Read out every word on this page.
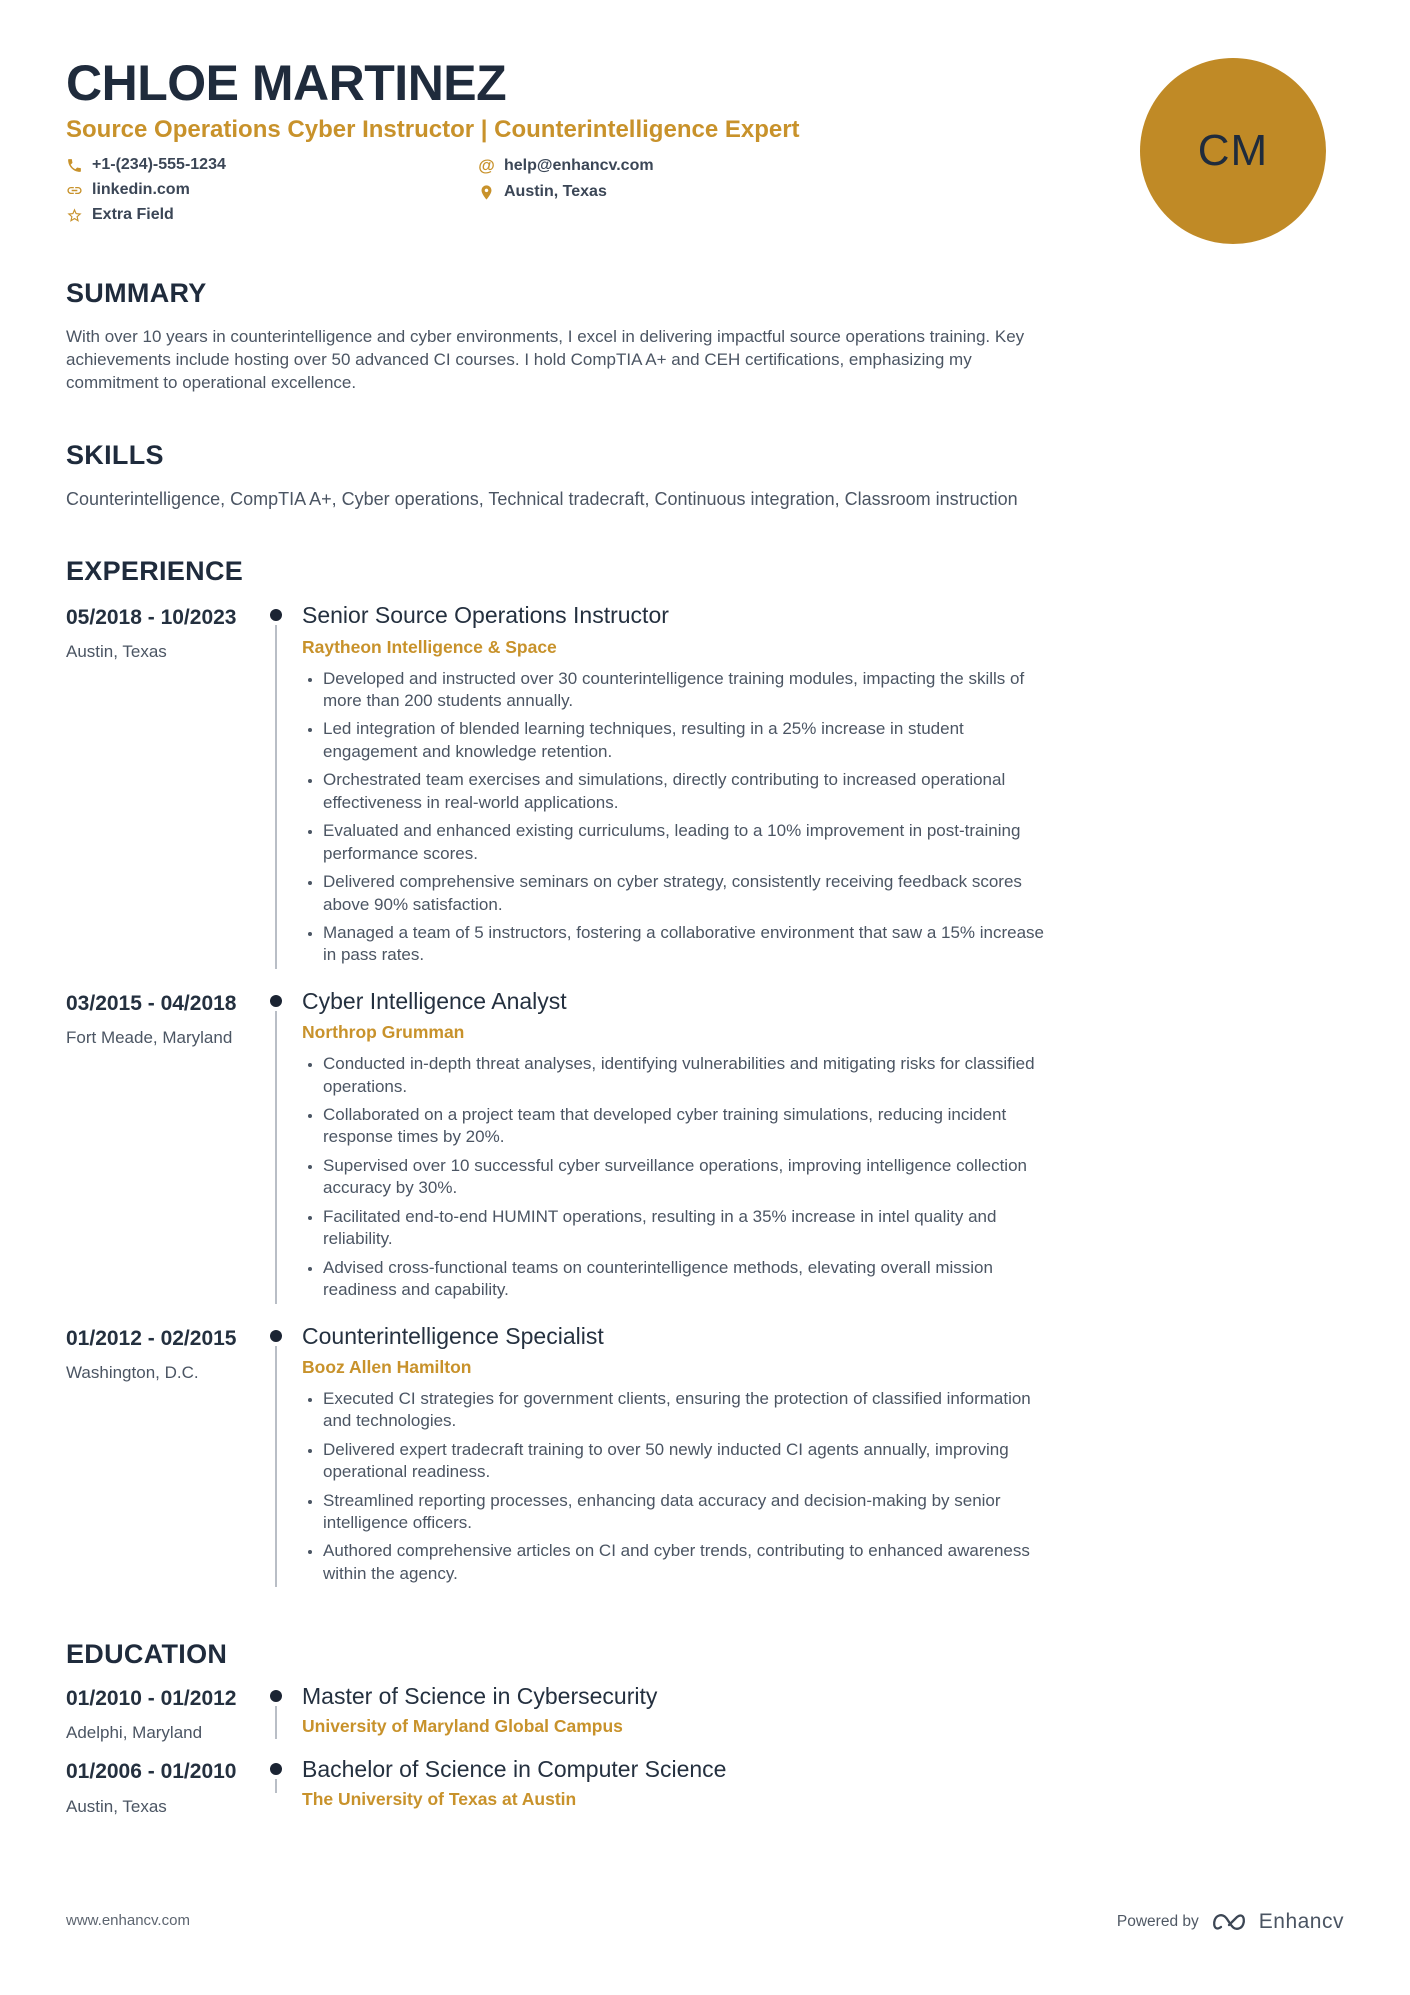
CHLOE MARTINEZ
Source Operations Cyber Instructor | Counterintelligence Expert
+1-(234)-555-1234
linkedin.com
Extra Field
@ help@enhancv.com
Austin, Texas
CM
SUMMARY

With over 10 years in counterintelligence and cyber environments, I excel in delivering impactful source operations training. Key achievements include hosting over 50 advanced CI courses. I hold CompTIA A+ and CEH certifications, emphasizing my commitment to operational excellence.

SKILLS

Counterintelligence, CompTIA A+, Cyber operations, Technical tradecraft, Continuous integration, Classroom instruction

EXPERIENCE
05/2018 - 10/2023
Austin, Texas
Senior Source Operations Instructor
Raytheon Intelligence & Space
• Developed and instructed over 30 counterintelligence training modules, impacting the skills of more than 200 students annually.
• Led integration of blended learning techniques, resulting in a 25% increase in student engagement and knowledge retention.
• Orchestrated team exercises and simulations, directly contributing to increased operational effectiveness in real-world applications.
• Evaluated and enhanced existing curriculums, leading to a 10% improvement in post-training performance scores.
• Delivered comprehensive seminars on cyber strategy, consistently receiving feedback scores above 90% satisfaction.
• Managed a team of 5 instructors, fostering a collaborative environment that saw a 15% increase in pass rates.
03/2015 - 04/2018
Fort Meade, Maryland
Cyber Intelligence Analyst
Northrop Grumman
• Conducted in-depth threat analyses, identifying vulnerabilities and mitigating risks for classified operations.
• Collaborated on a project team that developed cyber training simulations, reducing incident response times by 20%.
• Supervised over 10 successful cyber surveillance operations, improving intelligence collection accuracy by 30%.
• Facilitated end-to-end HUMINT operations, resulting in a 35% increase in intel quality and reliability.
• Advised cross-functional teams on counterintelligence methods, elevating overall mission readiness and capability.
01/2012 - 02/2015
Washington, D.C.
Counterintelligence Specialist
Booz Allen Hamilton
• Executed CI strategies for government clients, ensuring the protection of classified information and technologies.
• Delivered expert tradecraft training to over 50 newly inducted CI agents annually, improving operational readiness.
• Streamlined reporting processes, enhancing data accuracy and decision-making by senior intelligence officers.
• Authored comprehensive articles on CI and cyber trends, contributing to enhanced awareness within the agency.
EDUCATION
01/2010 - 01/2012
Adelphi, Maryland
Master of Science in Cybersecurity
University of Maryland Global Campus
01/2006 - 01/2010
Austin, Texas
Bachelor of Science in Computer Science
The University of Texas at Austin
www.enhancv.com	Powered by	Enhancv
